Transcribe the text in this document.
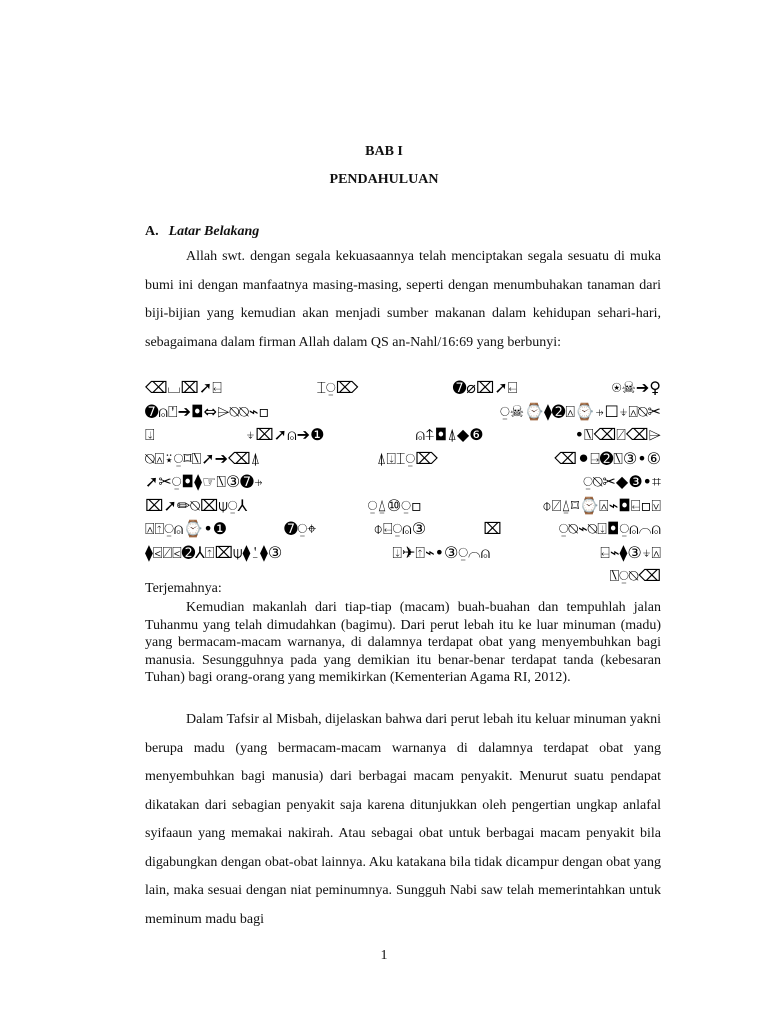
BAB I
PENDAHULUAN
A. Latar Belakang

Allah swt. dengan segala kekuasaannya telah menciptakan segala sesuatu di muka bumi ini dengan manfaatnya masing-masing, seperti dengan menumbuhakan tanaman dari biji-bijian yang kemudian akan menjadi sumber makanan dalam kehidupan sehari-hari, sebagaimana dalam firman Allah dalam QS an-Nahl/16:69 yang berbunyi:

⌫⌴⌧➚⍇	⌶⍜⌦	➐⌀⌧➚⍇	⍟☠➔♀
➐⍝⍞➔◘⇔⌲⍉⍉⌁▫	⍜☠⌚⧫➋⍓⌚⍆☐⍖⍓⍉✂
⍗	⍖⌧➚⍝➔❶	⍝⍏◘⍋◆❻	•⍂⌫⍁⌫⌲
⍉⍓⍣⍜⌑⍂➚➔⌫⍋	⍋⍗⌶⍜⌦	⌫⚫⍈➋⍂③•⑥
➚✂⍜◘⧫☞⍂③➐⍆	⍜⍉✂◆❸•⌗
⌧➚✏⍉⌧⍦⍜⅄	⍜⍙⑩⍜▫	⌽⍁⍙⌑⌚⍓⌁◘⍇▫⍌
⍓⍐⍜⍝⌚•❶	➐⍜⌖	⌽⍇⍜⍝③	⌧	⍜⍉⌁⍉⍗◘⍜⍝⌒⍝
⧫⍃⍁⍃➋⅄⍐⌧⍦⧫⍘⧫③	⍗✈⍐⌁•③⍜⌒⍝	⍇⌁⧫③⍖⍓
⍂⍜⍉⌫
Terjemahnya:

Kemudian makanlah dari tiap-tiap (macam) buah-buahan dan tempuhlah jalan Tuhanmu yang telah dimudahkan (bagimu). Dari perut lebah itu ke luar minuman (madu) yang bermacam-macam warnanya, di dalamnya terdapat obat yang menyembuhkan bagi manusia. Sesungguhnya pada yang demikian itu benar-benar terdapat tanda (kebesaran Tuhan) bagi orang-orang yang memikirkan (Kementerian Agama RI, 2012).

Dalam Tafsir al Misbah, dijelaskan bahwa dari perut lebah itu keluar minuman yakni berupa madu (yang bermacam-macam warnanya di dalamnya terdapat obat yang menyembuhkan bagi manusia) dari berbagai macam penyakit. Menurut suatu pendapat dikatakan dari sebagian penyakit saja karena ditunjukkan oleh pengertian ungkap anlafal syifaaun yang memakai nakirah. Atau sebagai obat untuk berbagai macam penyakit bila digabungkan dengan obat-obat lainnya. Aku katakana bila tidak dicampur dengan obat yang lain, maka sesuai dengan niat peminumnya. Sungguh Nabi saw telah memerintahkan untuk meminum madu bagi

1
